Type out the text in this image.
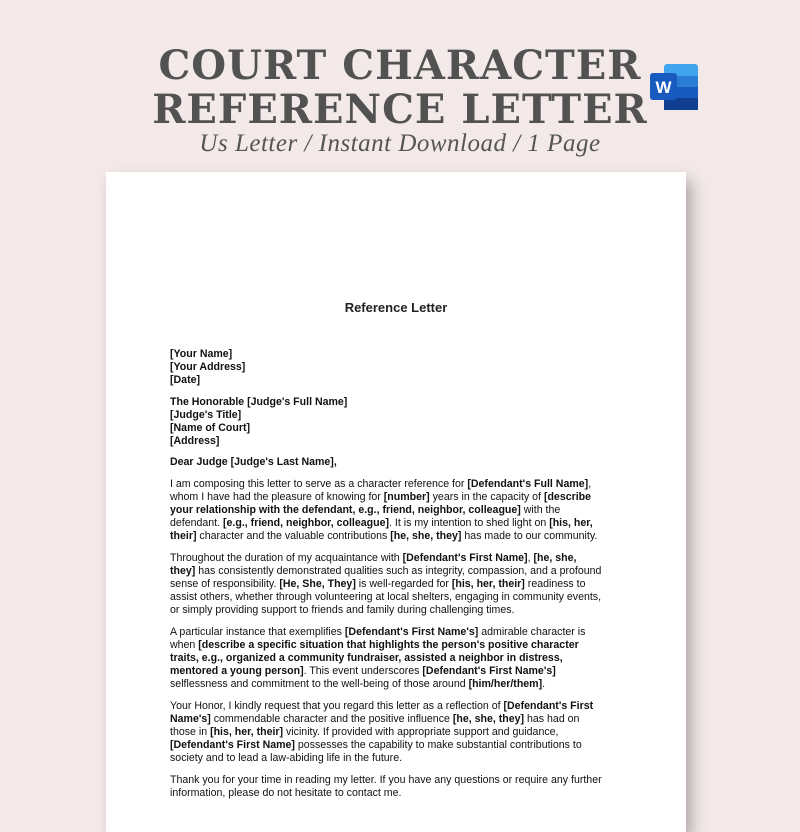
COURT CHARACTER
REFERENCE LETTER W
Us Letter / Instant Download / 1 Page
Reference Letter
[Your Name]
[Your Address]
[Date]
The Honorable [Judge's Full Name]
[Judge's Title]
[Name of Court]
[Address]
Dear Judge [Judge's Last Name],
I am composing this letter to serve as a character reference for [Defendant's Full Name],
whom I have had the pleasure of knowing for [number] years in the capacity of [describe
your relationship with the defendant, e.g., friend, neighbor, colleague] with the
defendant. [e.g., friend, neighbor, colleague]. It is my intention to shed light on [his, her,
their] character and the valuable contributions [he, she, they] has made to our community.
Throughout the duration of my acquaintance with [Defendant's First Name], [he, she,
they] has consistently demonstrated qualities such as integrity, compassion, and a profound
sense of responsibility. [He, She, They] is well-regarded for [his, her, their] readiness to
assist others, whether through volunteering at local shelters, engaging in community events,
or simply providing support to friends and family during challenging times.
A particular instance that exemplifies [Defendant's First Name's] admirable character is
when [describe a specific situation that highlights the person's positive character
traits, e.g., organized a community fundraiser, assisted a neighbor in distress,
mentored a young person]. This event underscores [Defendant's First Name's]
selflessness and commitment to the well-being of those around [him/her/them].
Your Honor, I kindly request that you regard this letter as a reflection of [Defendant's First
Name's] commendable character and the positive influence [he, she, they] has had on
those in [his, her, their] vicinity. If provided with appropriate support and guidance,
[Defendant's First Name] possesses the capability to make substantial contributions to
society and to lead a law-abiding life in the future.
Thank you for your time in reading my letter. If you have any questions or require any further
information, please do not hesitate to contact me.
